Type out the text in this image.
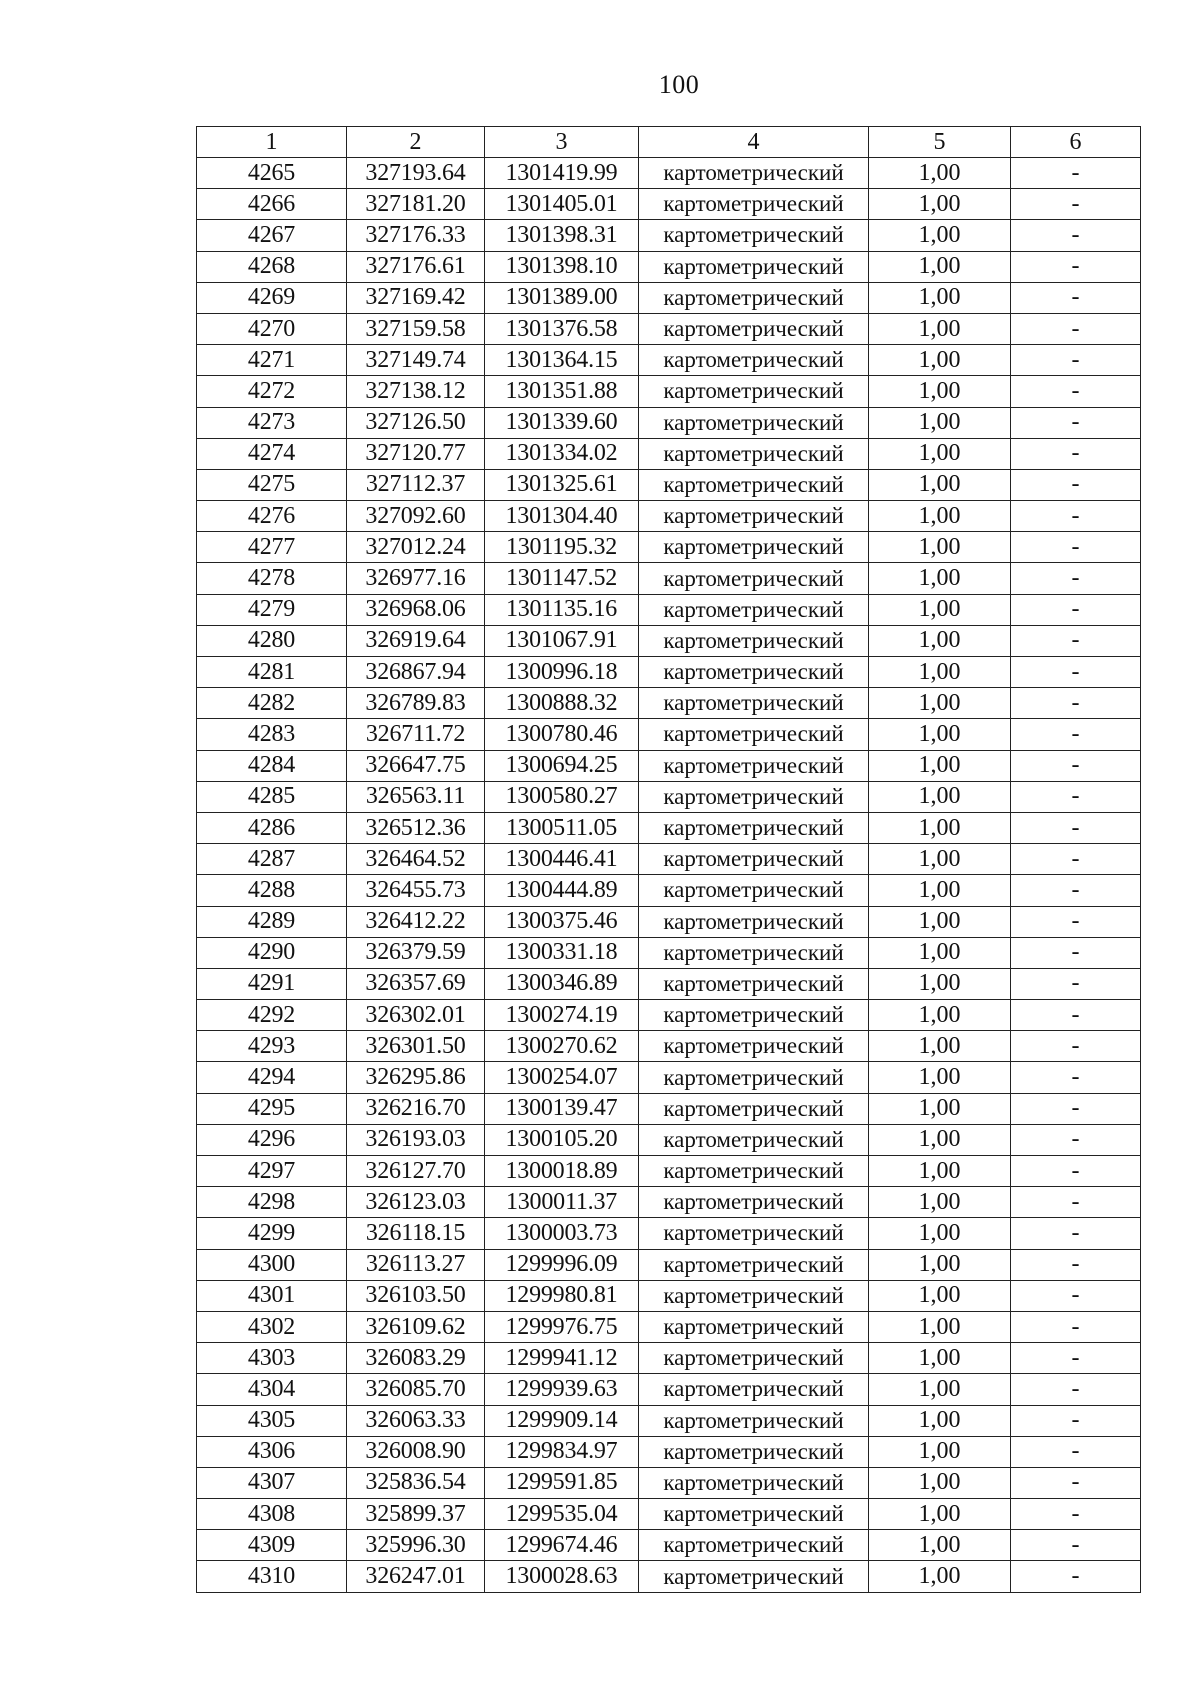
100
1	2	3	4	5	6
4265	327193.64	1301419.99	картометрический	1,00	-
4266	327181.20	1301405.01	картометрический	1,00	-
4267	327176.33	1301398.31	картометрический	1,00	-
4268	327176.61	1301398.10	картометрический	1,00	-
4269	327169.42	1301389.00	картометрический	1,00	-
4270	327159.58	1301376.58	картометрический	1,00	-
4271	327149.74	1301364.15	картометрический	1,00	-
4272	327138.12	1301351.88	картометрический	1,00	-
4273	327126.50	1301339.60	картометрический	1,00	-
4274	327120.77	1301334.02	картометрический	1,00	-
4275	327112.37	1301325.61	картометрический	1,00	-
4276	327092.60	1301304.40	картометрический	1,00	-
4277	327012.24	1301195.32	картометрический	1,00	-
4278	326977.16	1301147.52	картометрический	1,00	-
4279	326968.06	1301135.16	картометрический	1,00	-
4280	326919.64	1301067.91	картометрический	1,00	-
4281	326867.94	1300996.18	картометрический	1,00	-
4282	326789.83	1300888.32	картометрический	1,00	-
4283	326711.72	1300780.46	картометрический	1,00	-
4284	326647.75	1300694.25	картометрический	1,00	-
4285	326563.11	1300580.27	картометрический	1,00	-
4286	326512.36	1300511.05	картометрический	1,00	-
4287	326464.52	1300446.41	картометрический	1,00	-
4288	326455.73	1300444.89	картометрический	1,00	-
4289	326412.22	1300375.46	картометрический	1,00	-
4290	326379.59	1300331.18	картометрический	1,00	-
4291	326357.69	1300346.89	картометрический	1,00	-
4292	326302.01	1300274.19	картометрический	1,00	-
4293	326301.50	1300270.62	картометрический	1,00	-
4294	326295.86	1300254.07	картометрический	1,00	-
4295	326216.70	1300139.47	картометрический	1,00	-
4296	326193.03	1300105.20	картометрический	1,00	-
4297	326127.70	1300018.89	картометрический	1,00	-
4298	326123.03	1300011.37	картометрический	1,00	-
4299	326118.15	1300003.73	картометрический	1,00	-
4300	326113.27	1299996.09	картометрический	1,00	-
4301	326103.50	1299980.81	картометрический	1,00	-
4302	326109.62	1299976.75	картометрический	1,00	-
4303	326083.29	1299941.12	картометрический	1,00	-
4304	326085.70	1299939.63	картометрический	1,00	-
4305	326063.33	1299909.14	картометрический	1,00	-
4306	326008.90	1299834.97	картометрический	1,00	-
4307	325836.54	1299591.85	картометрический	1,00	-
4308	325899.37	1299535.04	картометрический	1,00	-
4309	325996.30	1299674.46	картометрический	1,00	-
4310	326247.01	1300028.63	картометрический	1,00	-
